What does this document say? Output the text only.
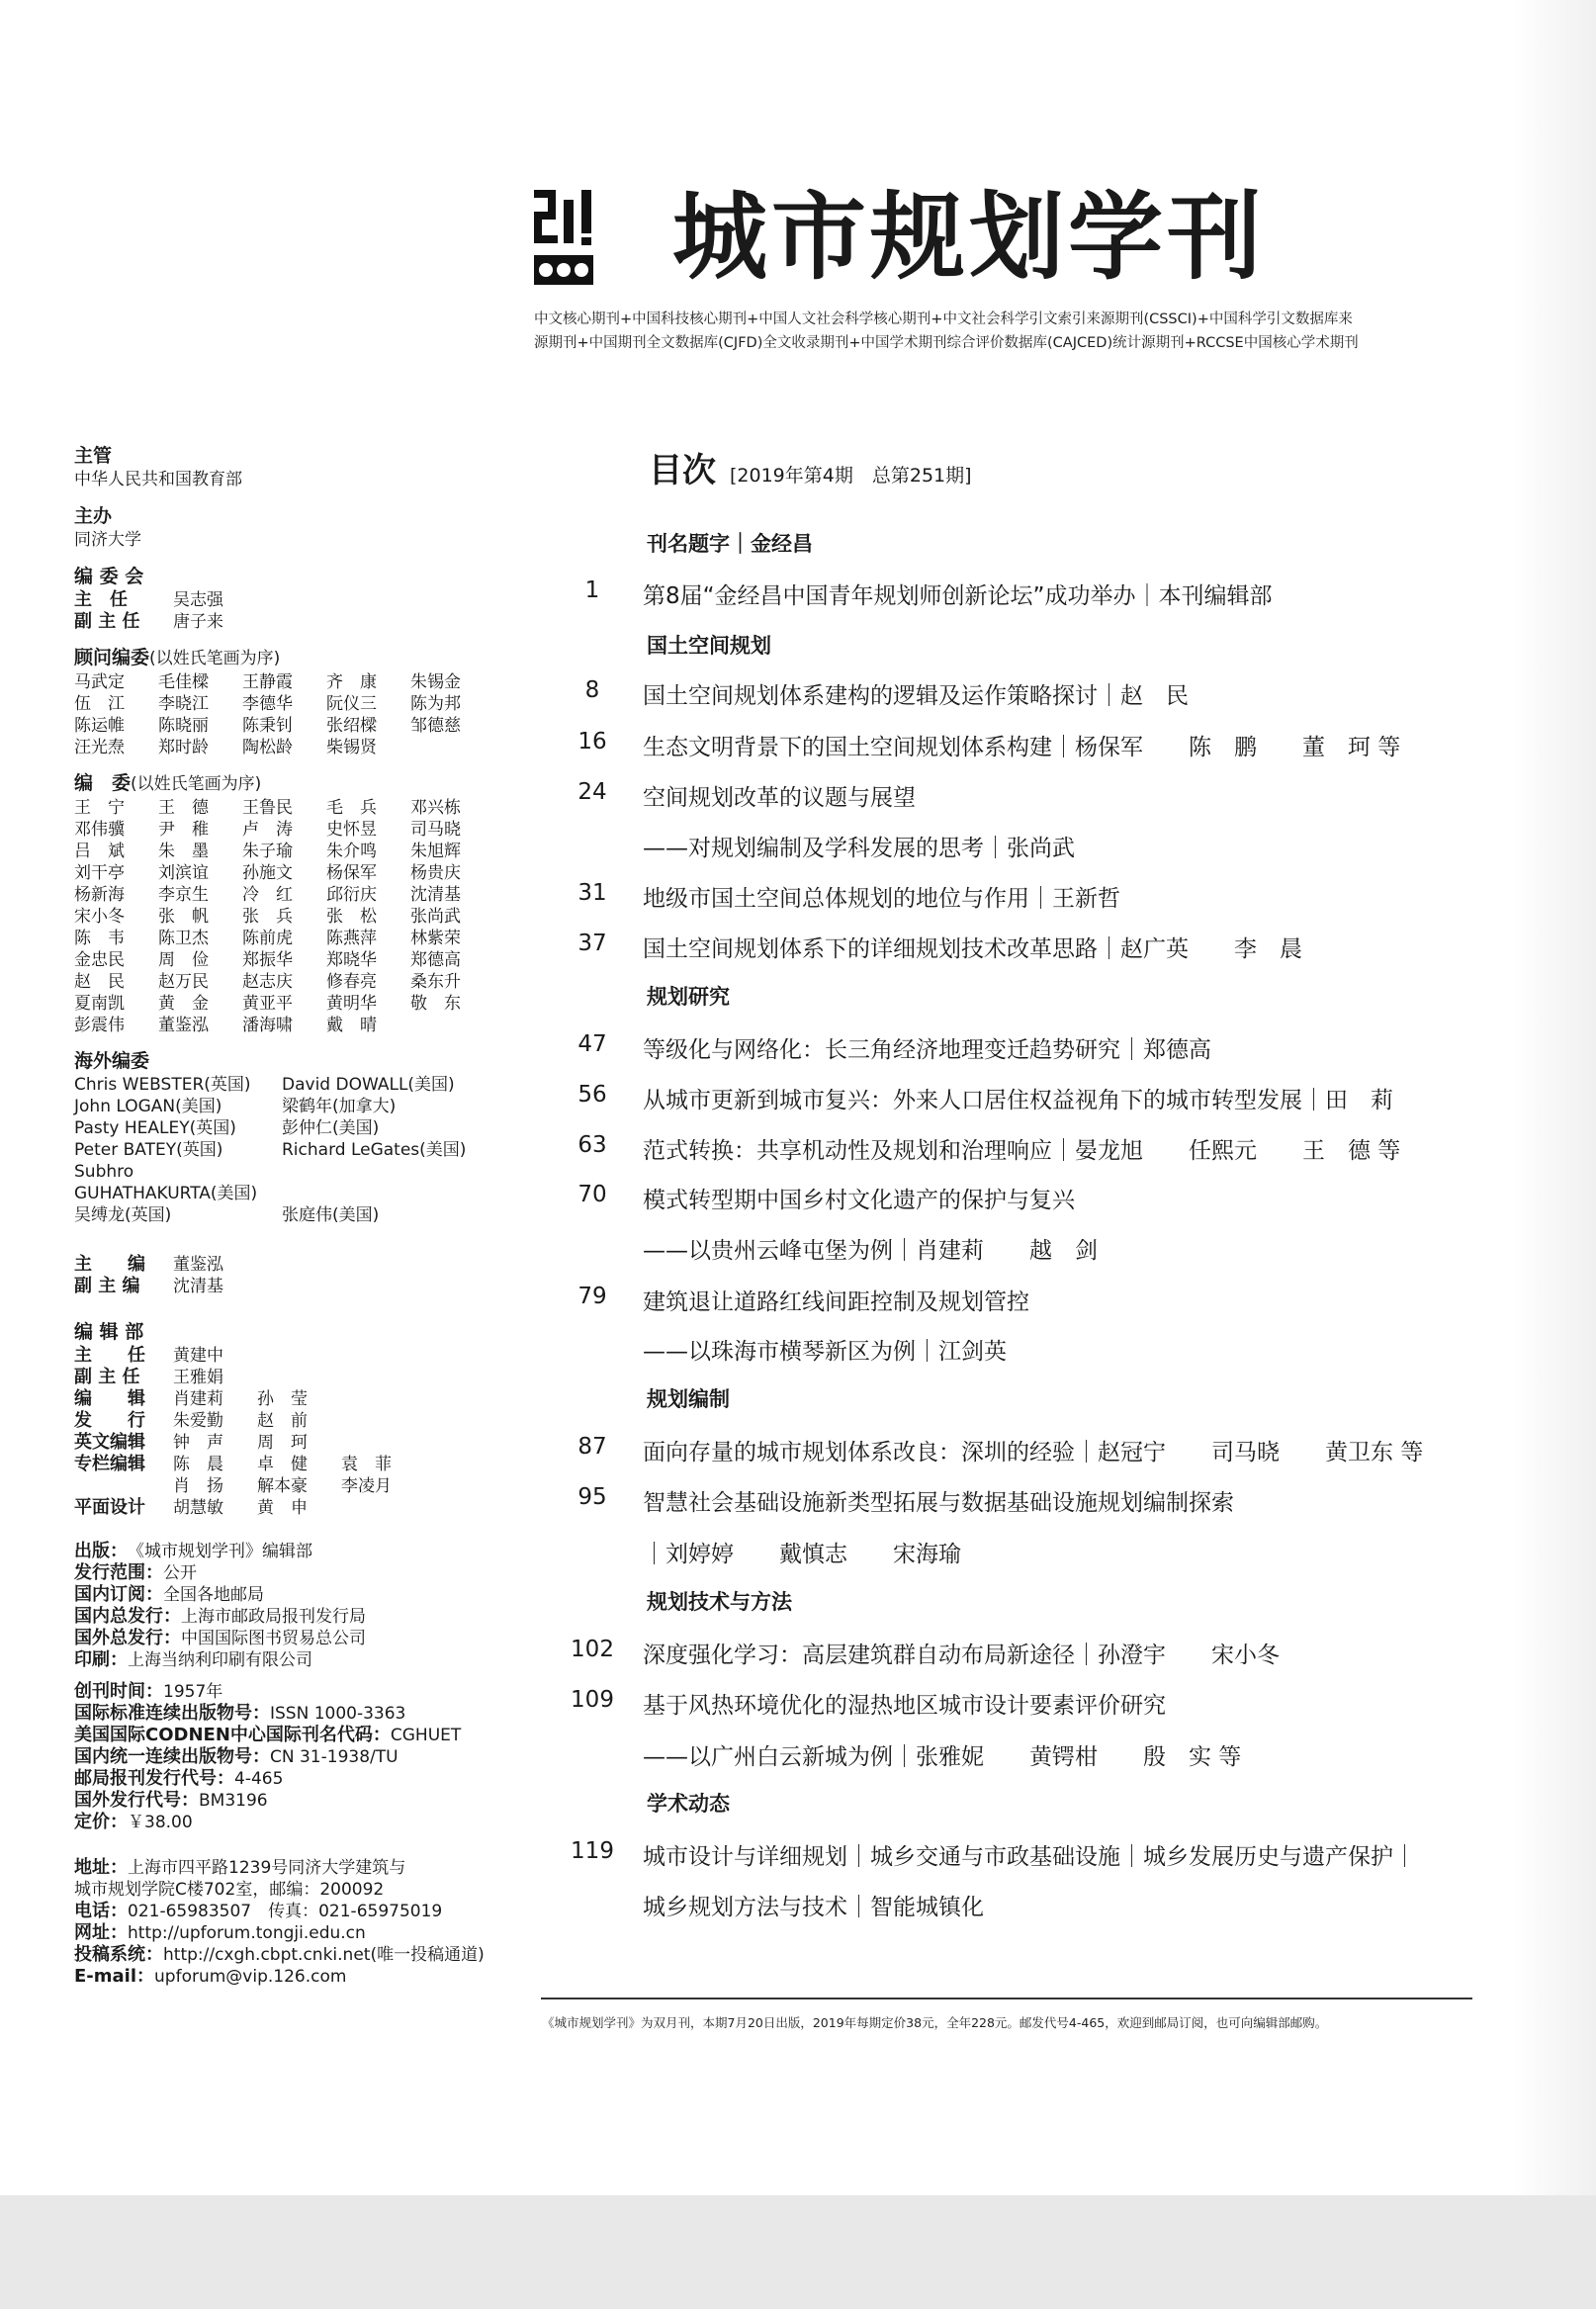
城市规划学刊
中文核心期刊+中国科技核心期刊+中国人文社会科学核心期刊+中文社会科学引文索引来源期刊(CSSCI)+中国科学引文数据库来
源期刊+中国期刊全文数据库(CJFD)全文收录期刊+中国学术期刊综合评价数据库(CAJCED)统计源期刊+RCCSE中国核心学术期刊
主管
中华人民共和国教育部
主办
同济大学
编 委 会
主　任	吴志强
副 主 任	唐子来
顾问编委(以姓氏笔画为序)
马武定	毛佳樑	王静霞	齐　康	朱锡金
伍　江	李晓江	李德华	阮仪三	陈为邦
陈运帷	陈晓丽	陈秉钊	张绍樑	邹德慈
汪光焘	郑时龄	陶松龄	柴锡贤
编　委(以姓氏笔画为序)
王　宁	王　德	王鲁民	毛　兵	邓兴栋
邓伟骥	尹　稚	卢　涛	史怀昱	司马晓
吕　斌	朱　墨	朱子瑜	朱介鸣	朱旭辉
刘干亭	刘滨谊	孙施文	杨保军	杨贵庆
杨新海	李京生	冷　红	邱衍庆	沈清基
宋小冬	张　帆	张　兵	张　松	张尚武
陈　韦	陈卫杰	陈前虎	陈燕萍	林紫荣
金忠民	周　俭	郑振华	郑晓华	郑德高
赵　民	赵万民	赵志庆	修春亮	桑东升
夏南凯	黄　金	黄亚平	黄明华	敬　东
彭震伟	董鉴泓	潘海啸	戴　晴
海外编委
Chris WEBSTER(英国)	David DOWALL(美国)
John LOGAN(美国)	梁鹤年(加拿大)
Pasty HEALEY(英国)	彭仲仁(美国)
Peter BATEY(英国)	Richard LeGates(美国)
Subhro GUHATHAKURTA(美国)
吴缚龙(英国)	张庭伟(美国)
主　　编	董鉴泓
副 主 编	沈清基
编 辑 部
主　　任	黄建中
副 主 任	王雅娟
编　　辑	肖建莉　　孙　莹
发　　行	朱爱勤　　赵　前
英文编辑	钟　声　　周　珂
专栏编辑	陈　晨　　卓　健　　袁　菲
肖　扬　　解本豪　　李凌月
平面设计	胡慧敏　　黄　申
出版： 《城市规划学刊》编辑部
发行范围： 公开
国内订阅： 全国各地邮局
国内总发行： 上海市邮政局报刊发行局
国外总发行： 中国国际图书贸易总公司
印刷： 上海当纳利印刷有限公司
创刊时间： 1957年
国际标准连续出版物号： ISSN 1000-3363
美国国际CODNEN中心国际刊名代码： CGHUET
国内统一连续出版物号： CN 31-1938/TU
邮局报刊发行代号： 4-465
国外发行代号： BM3196
定价： ￥38.00
地址： 上海市四平路1239号同济大学建筑与
城市规划学院C楼702室，邮编：200092
电话： 021-65983507　传真：021-65975019
网址： http://upforum.tongji.edu.cn
投稿系统： http://cxgh.cbpt.cnki.net(唯一投稿通道)
E-mail： upforum@vip.126.com
目次 [2019年第4期　总第251期]
刊名题字｜金经昌
1	第8届“金经昌中国青年规划师创新论坛”成功举办｜本刊编辑部
国土空间规划
8	国土空间规划体系建构的逻辑及运作策略探讨｜赵　民
16	生态文明背景下的国土空间规划体系构建｜杨保军　　陈　鹏　　董　珂 等
24	空间规划改革的议题与展望
——对规划编制及学科发展的思考｜张尚武
31	地级市国土空间总体规划的地位与作用｜王新哲
37	国土空间规划体系下的详细规划技术改革思路｜赵广英　　李　晨
规划研究
47	等级化与网络化：长三角经济地理变迁趋势研究｜郑德高
56	从城市更新到城市复兴：外来人口居住权益视角下的城市转型发展｜田　莉
63	范式转换：共享机动性及规划和治理响应｜晏龙旭　　任熙元　　王　德 等
70	模式转型期中国乡村文化遗产的保护与复兴
——以贵州云峰屯堡为例｜肖建莉　　越　剑
79	建筑退让道路红线间距控制及规划管控
——以珠海市横琴新区为例｜江剑英
规划编制
87	面向存量的城市规划体系改良：深圳的经验｜赵冠宁　　司马晓　　黄卫东 等
95	智慧社会基础设施新类型拓展与数据基础设施规划编制探索
｜刘婷婷　　戴慎志　　宋海瑜
规划技术与方法
102	深度强化学习：高层建筑群自动布局新途径｜孙澄宇　　宋小冬
109	基于风热环境优化的湿热地区城市设计要素评价研究
——以广州白云新城为例｜张雅妮　　黄锷柑　　殷　实 等
学术动态
119	城市设计与详细规划｜城乡交通与市政基础设施｜城乡发展历史与遗产保护｜
城乡规划方法与技术｜智能城镇化
《城市规划学刊》为双月刊，本期7月20日出版，2019年每期定价38元，全年228元。邮发代号4-465，欢迎到邮局订阅，也可向编辑部邮购。
